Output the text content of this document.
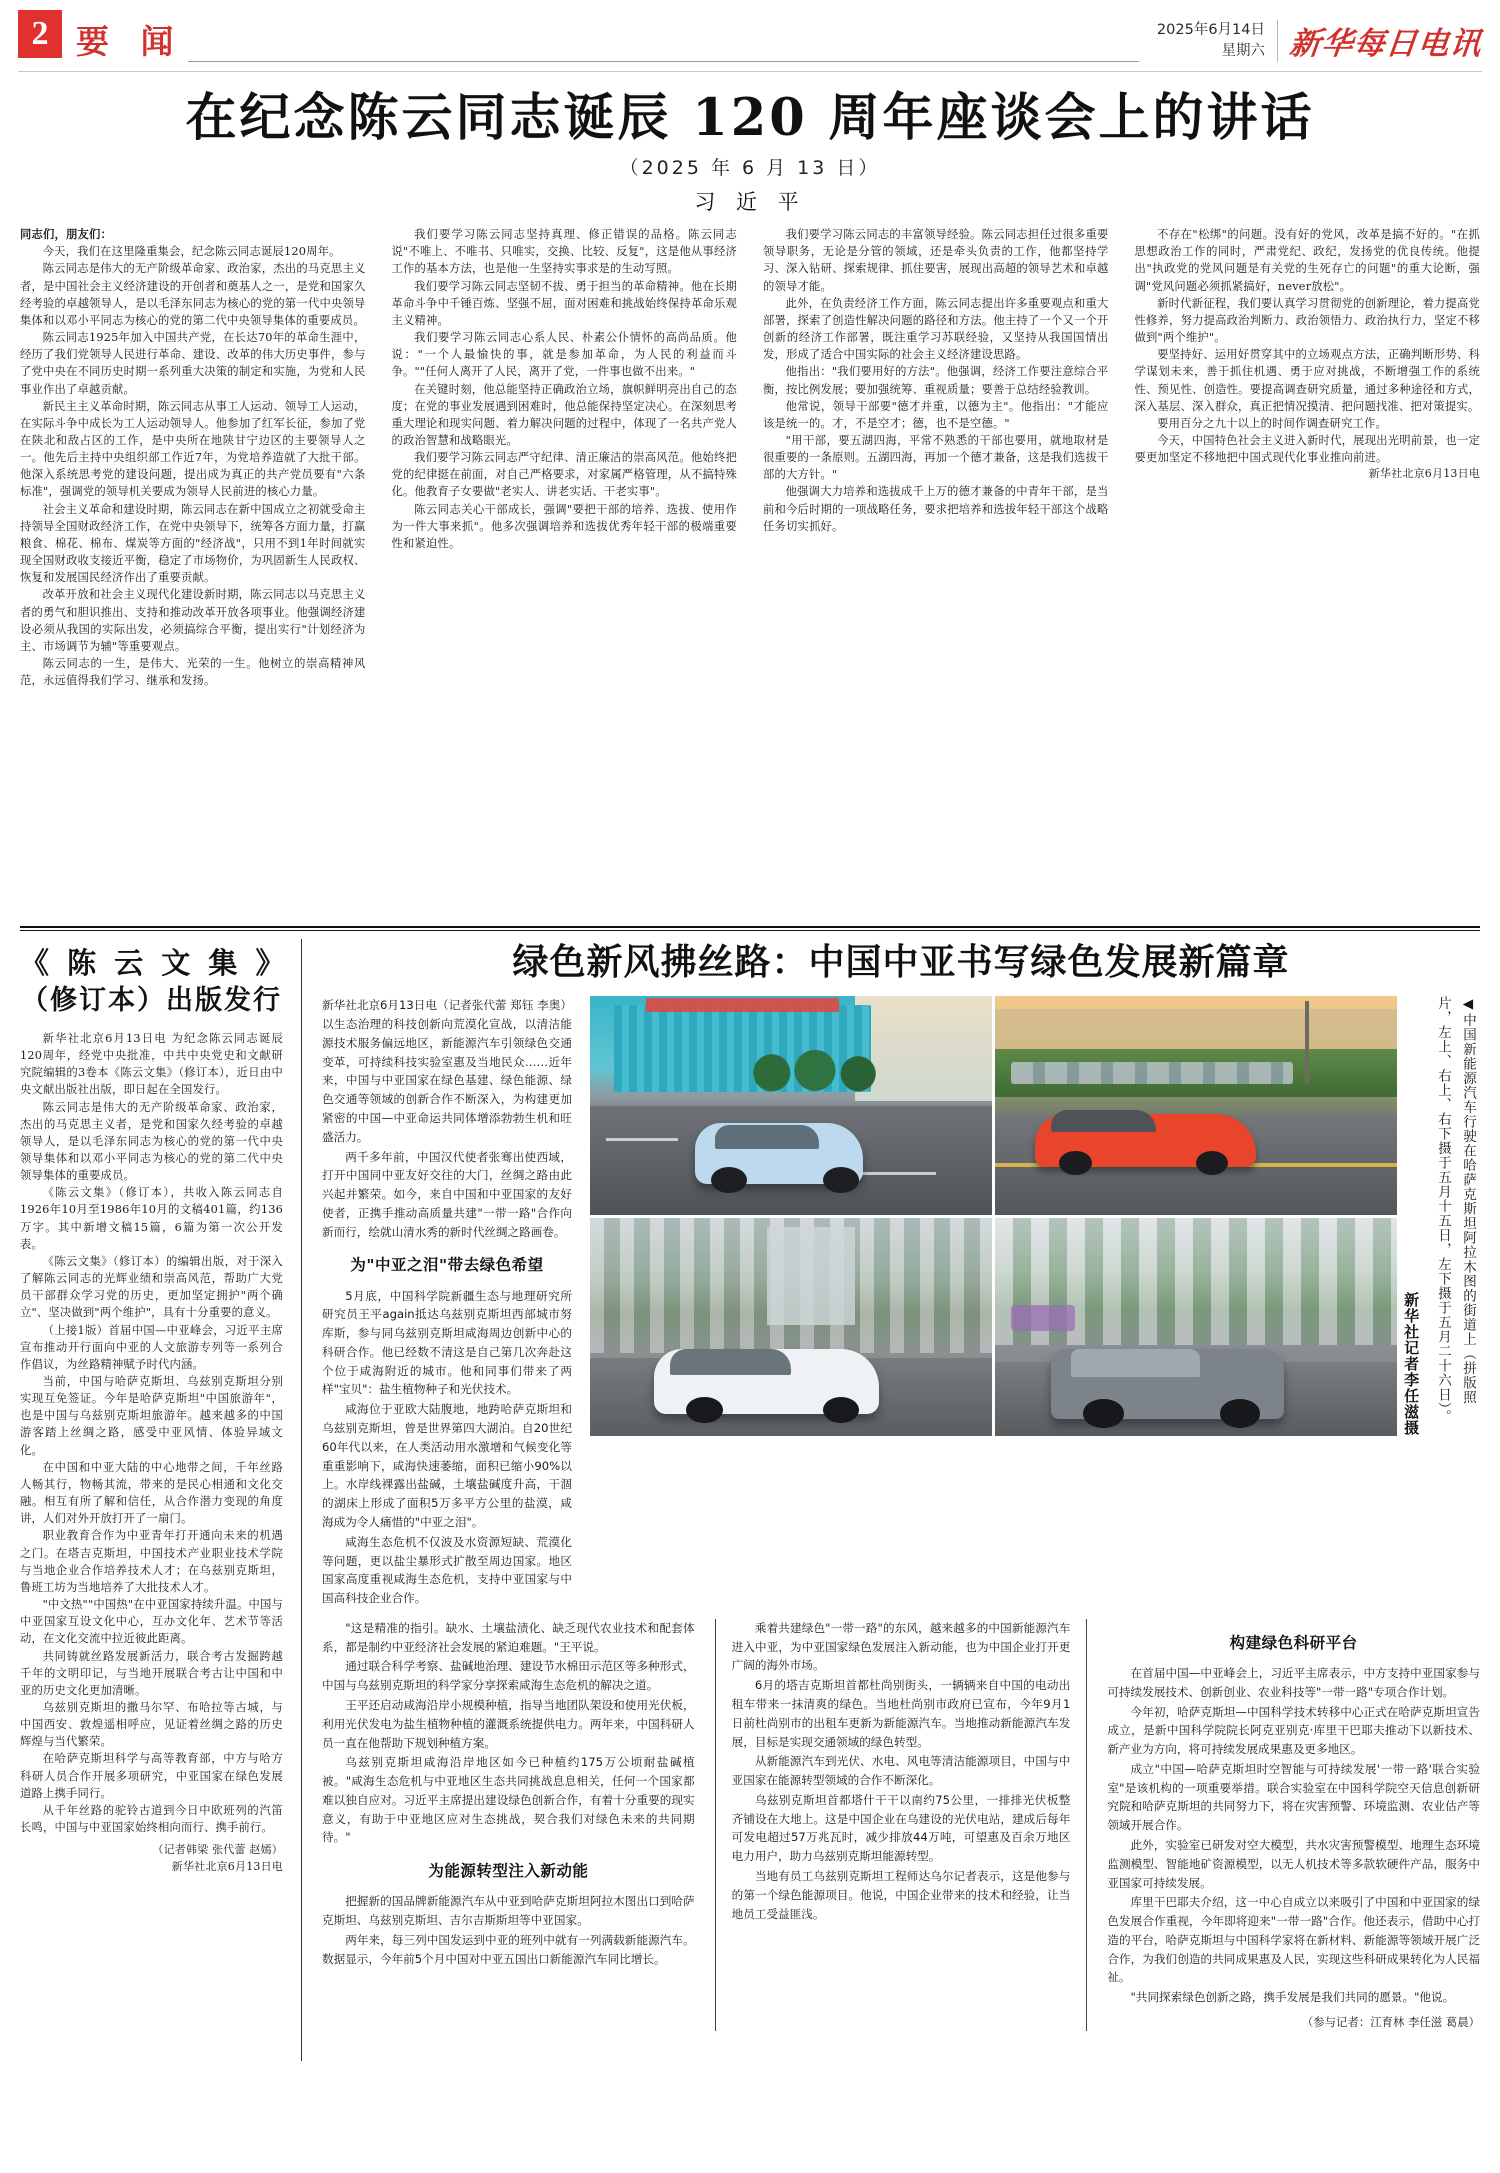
2 要 闻	2025年6月14日
星期六 新华每日电讯
在纪念陈云同志诞辰 120 周年座谈会上的讲话
（2025 年 6 月 13 日）
习 近 平

同志们，朋友们：

今天，我们在这里隆重集会，纪念陈云同志诞辰120周年。

陈云同志是伟大的无产阶级革命家、政治家，杰出的马克思主义者，是中国社会主义经济建设的开创者和奠基人之一，是党和国家久经考验的卓越领导人，是以毛泽东同志为核心的党的第一代中央领导集体和以邓小平同志为核心的党的第二代中央领导集体的重要成员。

陈云同志1925年加入中国共产党，在长达70年的革命生涯中，经历了我们党领导人民进行革命、建设、改革的伟大历史事件，参与了党中央在不同历史时期一系列重大决策的制定和实施，为党和人民事业作出了卓越贡献。

新民主主义革命时期，陈云同志从事工人运动、领导工人运动，在实际斗争中成长为工人运动领导人。他参加了红军长征，参加了党在陕北和敌占区的工作，是中央所在地陕甘宁边区的主要领导人之一。他先后主持中央组织部工作近7年，为党培养造就了大批干部。他深入系统思考党的建设问题，提出成为真正的共产党员要有"六条标准"，强调党的领导机关要成为领导人民前进的核心力量。

社会主义革命和建设时期，陈云同志在新中国成立之初就受命主持领导全国财政经济工作，在党中央领导下，统筹各方面力量，打赢粮食、棉花、棉布、煤炭等方面的"经济战"，只用不到1年时间就实现全国财政收支接近平衡，稳定了市场物价，为巩固新生人民政权、恢复和发展国民经济作出了重要贡献。

改革开放和社会主义现代化建设新时期，陈云同志以马克思主义者的勇气和胆识推出、支持和推动改革开放各项事业。他强调经济建设必须从我国的实际出发，必须搞综合平衡，提出实行"计划经济为主、市场调节为辅"等重要观点。

陈云同志的一生，是伟大、光荣的一生。他树立的崇高精神风范，永远值得我们学习、继承和发扬。

我们要学习陈云同志坚持真理、修正错误的品格。陈云同志说"不唯上、不唯书、只唯实，交换、比较、反复"，这是他从事经济工作的基本方法，也是他一生坚持实事求是的生动写照。

我们要学习陈云同志坚韧不拔、勇于担当的革命精神。他在长期革命斗争中千锤百炼、坚强不屈，面对困难和挑战始终保持革命乐观主义精神。

我们要学习陈云同志心系人民、朴素公仆情怀的高尚品质。他说："一个人最愉快的事，就是参加革命，为人民的利益而斗争。""任何人离开了人民，离开了党，一件事也做不出来。"

在关键时刻，他总能坚持正确政治立场，旗帜鲜明亮出自己的态度；在党的事业发展遇到困难时，他总能保持坚定决心。在深刻思考重大理论和现实问题、着力解决问题的过程中，体现了一名共产党人的政治智慧和战略眼光。

我们要学习陈云同志严守纪律、清正廉洁的崇高风范。他始终把党的纪律挺在前面，对自己严格要求，对家属严格管理，从不搞特殊化。他教育子女要做"老实人、讲老实话、干老实事"。

陈云同志关心干部成长，强调"要把干部的培养、选拔、使用作为一件大事来抓"。他多次强调培养和选拔优秀年轻干部的极端重要性和紧迫性。

我们要学习陈云同志的丰富领导经验。陈云同志担任过很多重要领导职务，无论是分管的领域，还是牵头负责的工作，他都坚持学习、深入钻研、探索规律、抓住要害，展现出高超的领导艺术和卓越的领导才能。

此外，在负责经济工作方面，陈云同志提出许多重要观点和重大部署，探索了创造性解决问题的路径和方法。他主持了一个又一个开创新的经济工作部署，既注重学习苏联经验，又坚持从我国国情出发，形成了适合中国实际的社会主义经济建设思路。

他指出："我们要用好的方法"。他强调，经济工作要注意综合平衡，按比例发展；要加强统筹、重视质量；要善于总结经验教训。

他常说，领导干部要"德才并重，以德为主"。他指出："才能应该是统一的。才，不是空才；德，也不是空德。"

"用干部，要五湖四海，平常不熟悉的干部也要用，就地取材是很重要的一条原则。五湖四海，再加一个德才兼备，这是我们选拔干部的大方针。"

他强调大力培养和选拔成千上万的德才兼备的中青年干部，是当前和今后时期的一项战略任务，要求把培养和选拔年轻干部这个战略任务切实抓好。

不存在"松绑"的问题。没有好的党风，改革是搞不好的。"在抓思想政治工作的同时，严肃党纪、政纪，发扬党的优良传统。他提出"执政党的党风问题是有关党的生死存亡的问题"的重大论断，强调"党风问题必须抓紧搞好，never放松"。

新时代新征程，我们要认真学习贯彻党的创新理论，着力提高党性修养，努力提高政治判断力、政治领悟力、政治执行力，坚定不移做到"两个维护"。

要坚持好、运用好贯穿其中的立场观点方法，正确判断形势、科学谋划未来，善于抓住机遇、勇于应对挑战，不断增强工作的系统性、预见性、创造性。要提高调查研究质量，通过多种途径和方式，深入基层、深入群众，真正把情况摸清、把问题找准、把对策提实。

要用百分之九十以上的时间作调查研究工作。

今天，中国特色社会主义进入新时代，展现出光明前景，也一定要更加坚定不移地把中国式现代化事业推向前进。

新华社北京6月13日电

《 陈 云 文 集 》
（修订本）出版发行

新华社北京6月13日电 为纪念陈云同志诞辰120周年，经党中央批准，中共中央党史和文献研究院编辑的3卷本《陈云文集》（修订本），近日由中央文献出版社出版，即日起在全国发行。

陈云同志是伟大的无产阶级革命家、政治家，杰出的马克思主义者，是党和国家久经考验的卓越领导人，是以毛泽东同志为核心的党的第一代中央领导集体和以邓小平同志为核心的党的第二代中央领导集体的重要成员。

《陈云文集》（修订本），共收入陈云同志自1926年10月至1986年10月的文稿401篇，约136万字。其中新增文稿15篇，6篇为第一次公开发表。

《陈云文集》（修订本）的编辑出版，对于深入了解陈云同志的光辉业绩和崇高风范，帮助广大党员干部群众学习党的历史，更加坚定拥护"两个确立"、坚决做到"两个维护"，具有十分重要的意义。

（上接1版）首届中国—中亚峰会，习近平主席宣布推动开行面向中亚的人文旅游专列等一系列合作倡议，为丝路精神赋予时代内涵。

当前，中国与哈萨克斯坦、乌兹别克斯坦分别实现互免签证。今年是哈萨克斯坦"中国旅游年"，也是中国与乌兹别克斯坦旅游年。越来越多的中国游客踏上丝绸之路，感受中亚风情、体验异域文化。

在中国和中亚大陆的中心地带之间，千年丝路人畅其行，物畅其流，带来的是民心相通和文化交融。相互有所了解和信任，从合作潜力变现的角度讲，人们对外开放打开了一扇门。

职业教育合作为中亚青年打开通向未来的机遇之门。在塔吉克斯坦，中国技术产业职业技术学院与当地企业合作培养技术人才；在乌兹别克斯坦，鲁班工坊为当地培养了大批技术人才。

"中文热""中国热"在中亚国家持续升温。中国与中亚国家互设文化中心，互办文化年、艺术节等活动，在文化交流中拉近彼此距离。

共同铸就丝路发展新活力，联合考古发掘跨越千年的文明印记，与当地开展联合考古让中国和中亚的历史文化更加清晰。

乌兹别克斯坦的撒马尔罕、布哈拉等古城，与中国西安、敦煌遥相呼应，见证着丝绸之路的历史辉煌与当代繁荣。

在哈萨克斯坦科学与高等教育部，中方与哈方科研人员合作开展多项研究，中亚国家在绿色发展道路上携手同行。

从千年丝路的驼铃古道到今日中欧班列的汽笛长鸣，中国与中亚国家始终相向而行、携手前行。

（记者韩梁 张代蕾 赵嫣）
新华社北京6月13日电
绿色新风拂丝路：中国中亚书写绿色发展新篇章

新华社北京6月13日电（记者张代蕾 郑钰 李奥）以生态治理的科技创新向荒漠化宣战，以清洁能源技术服务偏远地区，新能源汽车引领绿色交通变革，可持续科技实验室惠及当地民众……近年来，中国与中亚国家在绿色基建、绿色能源、绿色交通等领域的创新合作不断深入，为构建更加紧密的中国—中亚命运共同体增添勃勃生机和旺盛活力。

两千多年前，中国汉代使者张骞出使西域，打开中国同中亚友好交往的大门，丝绸之路由此兴起并繁荣。如今，来自中国和中亚国家的友好使者，正携手推动高质量共建"一带一路"合作向新而行，绘就山清水秀的新时代丝绸之路画卷。

为"中亚之泪"带去绿色希望

5月底，中国科学院新疆生态与地理研究所研究员王平again抵达乌兹别克斯坦西部城市努库斯，参与同乌兹别克斯坦咸海周边创新中心的科研合作。他已经数不清这是自己第几次奔赴这个位于咸海附近的城市。他和同事们带来了两样"宝贝"：盐生植物种子和光伏技术。

咸海位于亚欧大陆腹地，地跨哈萨克斯坦和乌兹别克斯坦，曾是世界第四大湖泊。自20世纪60年代以来，在人类活动用水激增和气候变化等重重影响下，咸海快速萎缩，面积已缩小90%以上。水岸线裸露出盐碱，土壤盐碱度升高，干涸的湖床上形成了面积5万多平方公里的盐漠，咸海成为令人痛惜的"中亚之泪"。

咸海生态危机不仅波及水资源短缺、荒漠化等问题，更以盐尘暴形式扩散至周边国家。地区国家高度重视咸海生态危机，支持中亚国家与中国高科技企业合作。

◀中国新能源汽车行驶在哈萨克斯坦阿拉木图的街道上（拼版照片，左上、右上、右下摄于五月十五日，左下摄于五月二十六日）。
新华社记者李任滋摄

"这是精准的指引。缺水、土壤盐渍化、缺乏现代农业技术和配套体系，都是制约中亚经济社会发展的紧迫难题。"王平说。

通过联合科学考察、盐碱地治理、建设节水棉田示范区等多种形式，中国与乌兹别克斯坦的科学家分享探索咸海生态危机的解决之道。

王平还启动咸海沿岸小规模种植，指导当地团队架设和使用光伏板，利用光伏发电为盐生植物种植的灌溉系统提供电力。两年来，中国科研人员一直在他帮助下规划种植方案。

乌兹别克斯坦咸海沿岸地区如今已种植约175万公顷耐盐碱植被。"咸海生态危机与中亚地区生态共同挑战息息相关，任何一个国家都难以独自应对。习近平主席提出建设绿色创新合作，有着十分重要的现实意义，有助于中亚地区应对生态挑战，契合我们对绿色未来的共同期待。"

为能源转型注入新动能

把握新的国品牌新能源汽车从中亚到哈萨克斯坦阿拉木图出口到哈萨克斯坦、乌兹别克斯坦、吉尔吉斯斯坦等中亚国家。

两年来，每三列中国发运到中亚的班列中就有一列满载新能源汽车。数据显示，今年前5个月中国对中亚五国出口新能源汽车同比增长。

乘着共建绿色"一带一路"的东风，越来越多的中国新能源汽车进入中亚，为中亚国家绿色发展注入新动能，也为中国企业打开更广阔的海外市场。

6月的塔吉克斯坦首都杜尚别街头，一辆辆来自中国的电动出租车带来一抹清爽的绿色。当地杜尚别市政府已宣布，今年9月1日前杜尚别市的出租车更新为新能源汽车。当地推动新能源汽车发展，目标是实现交通领域的绿色转型。

从新能源汽车到光伏、水电、风电等清洁能源项目，中国与中亚国家在能源转型领域的合作不断深化。

乌兹别克斯坦首都塔什干干以南约75公里，一排排光伏板整齐铺设在大地上。这是中国企业在乌建设的光伏电站，建成后每年可发电超过57万兆瓦时，减少排放44万吨，可望惠及百余万地区电力用户，助力乌兹别克斯坦能源转型。

当地有员工乌兹别克斯坦工程师达乌尔记者表示，这是他参与的第一个绿色能源项目。他说，中国企业带来的技术和经验，让当地员工受益匪浅。

构建绿色科研平台

在首届中国—中亚峰会上，习近平主席表示，中方支持中亚国家参与可持续发展技术、创新创业、农业科技等"一带一路"专项合作计划。

今年初，哈萨克斯坦—中国科学技术转移中心正式在哈萨克斯坦宣告成立，是新中国科学院院长阿克亚别克·库里干巴耶夫推动下以新技术、新产业为方向，将可持续发展成果惠及更多地区。

成立"中国—哈萨克斯坦时空智能与可持续发展'一带一路'联合实验室"是该机构的一项重要举措。联合实验室在中国科学院空天信息创新研究院和哈萨克斯坦的共同努力下，将在灾害预警、环境监测、农业估产等领域开展合作。

此外，实验室已研发对空大模型，共水灾害预警模型、地理生态环境监测模型、智能地矿资源模型，以无人机技术等多款软硬件产品，服务中亚国家可持续发展。

库里干巴耶夫介绍，这一中心自成立以来吸引了中国和中亚国家的绿色发展合作重视，今年即将迎来"一带一路"合作。他还表示，借助中心打造的平台，哈萨克斯坦与中国科学家将在新材料、新能源等领域开展广泛合作，为我们创造的共同成果惠及人民，实现这些科研成果转化为人民福祉。

"共同探索绿色创新之路，携手发展是我们共同的愿景。"他说。

（参与记者：江育林 李任滋 葛晨）
